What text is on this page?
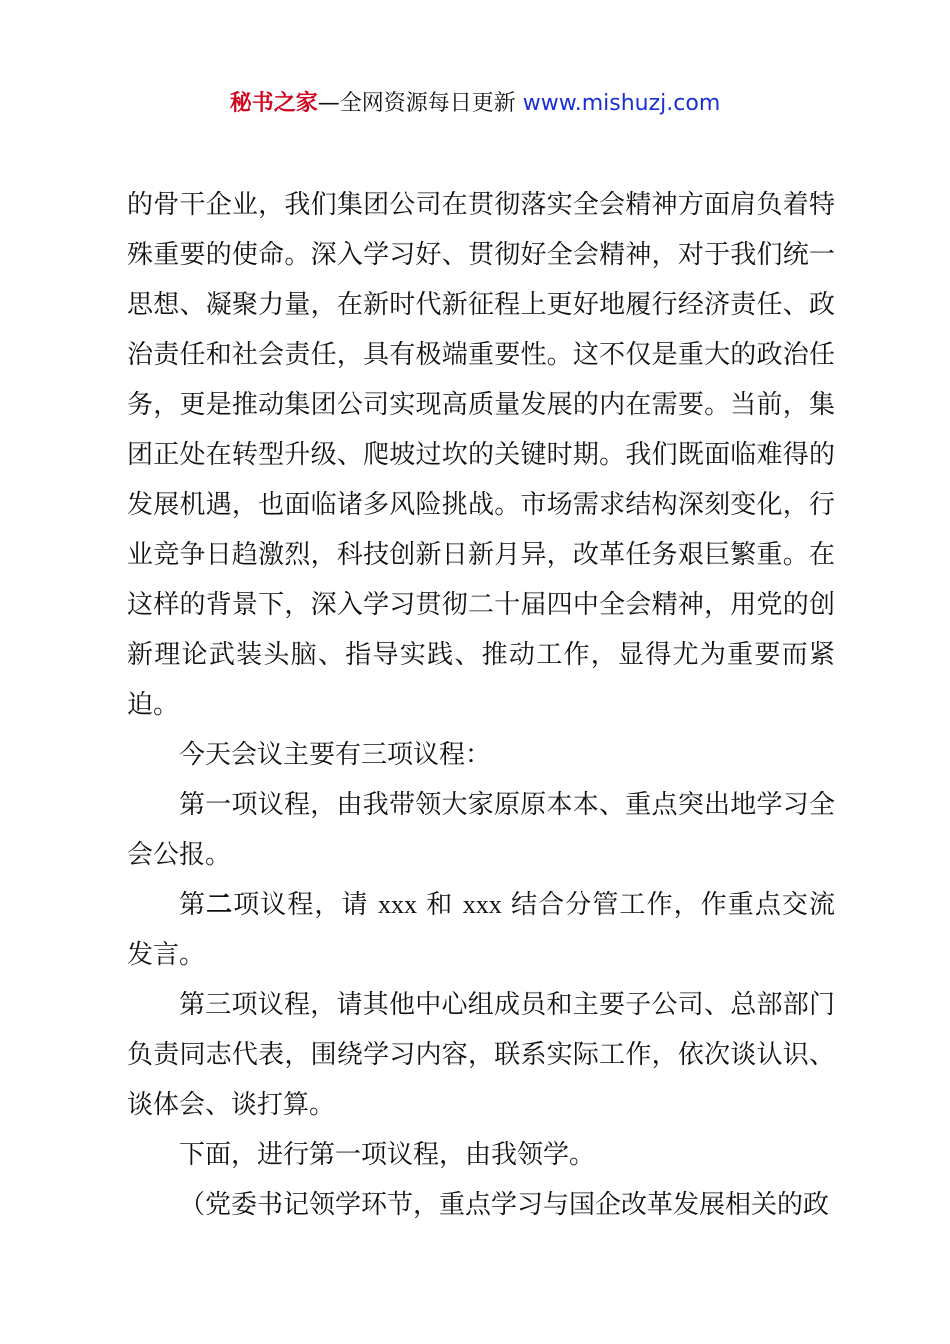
秘书之家—全网资源每日更新 www.mishuzj.com

的骨干企业，我们集团公司在贯彻落实全会精神方面肩负着特殊重要的使命。深入学习好、贯彻好全会精神，对于我们统一思想、凝聚力量，在新时代新征程上更好地履行经济责任、政治责任和社会责任，具有极端重要性。这不仅是重大的政治任务，更是推动集团公司实现高质量发展的内在需要。当前，集团正处在转型升级、爬坡过坎的关键时期。我们既面临难得的发展机遇，也面临诸多风险挑战。市场需求结构深刻变化，行业竞争日趋激烈，科技创新日新月异，改革任务艰巨繁重。在这样的背景下，深入学习贯彻二十届四中全会精神，用党的创新理论武装头脑、指导实践、推动工作，显得尤为重要而紧迫。

今天会议主要有三项议程：

第一项议程，由我带领大家原原本本、重点突出地学习全会公报。

第二项议程，请 xxx 和 xxx 结合分管工作，作重点交流发言。

第三项议程，请其他中心组成员和主要子公司、总部部门负责同志代表，围绕学习内容，联系实际工作，依次谈认识、谈体会、谈打算。

下面，进行第一项议程，由我领学。

（党委书记领学环节，重点学习与国企改革发展相关的政
